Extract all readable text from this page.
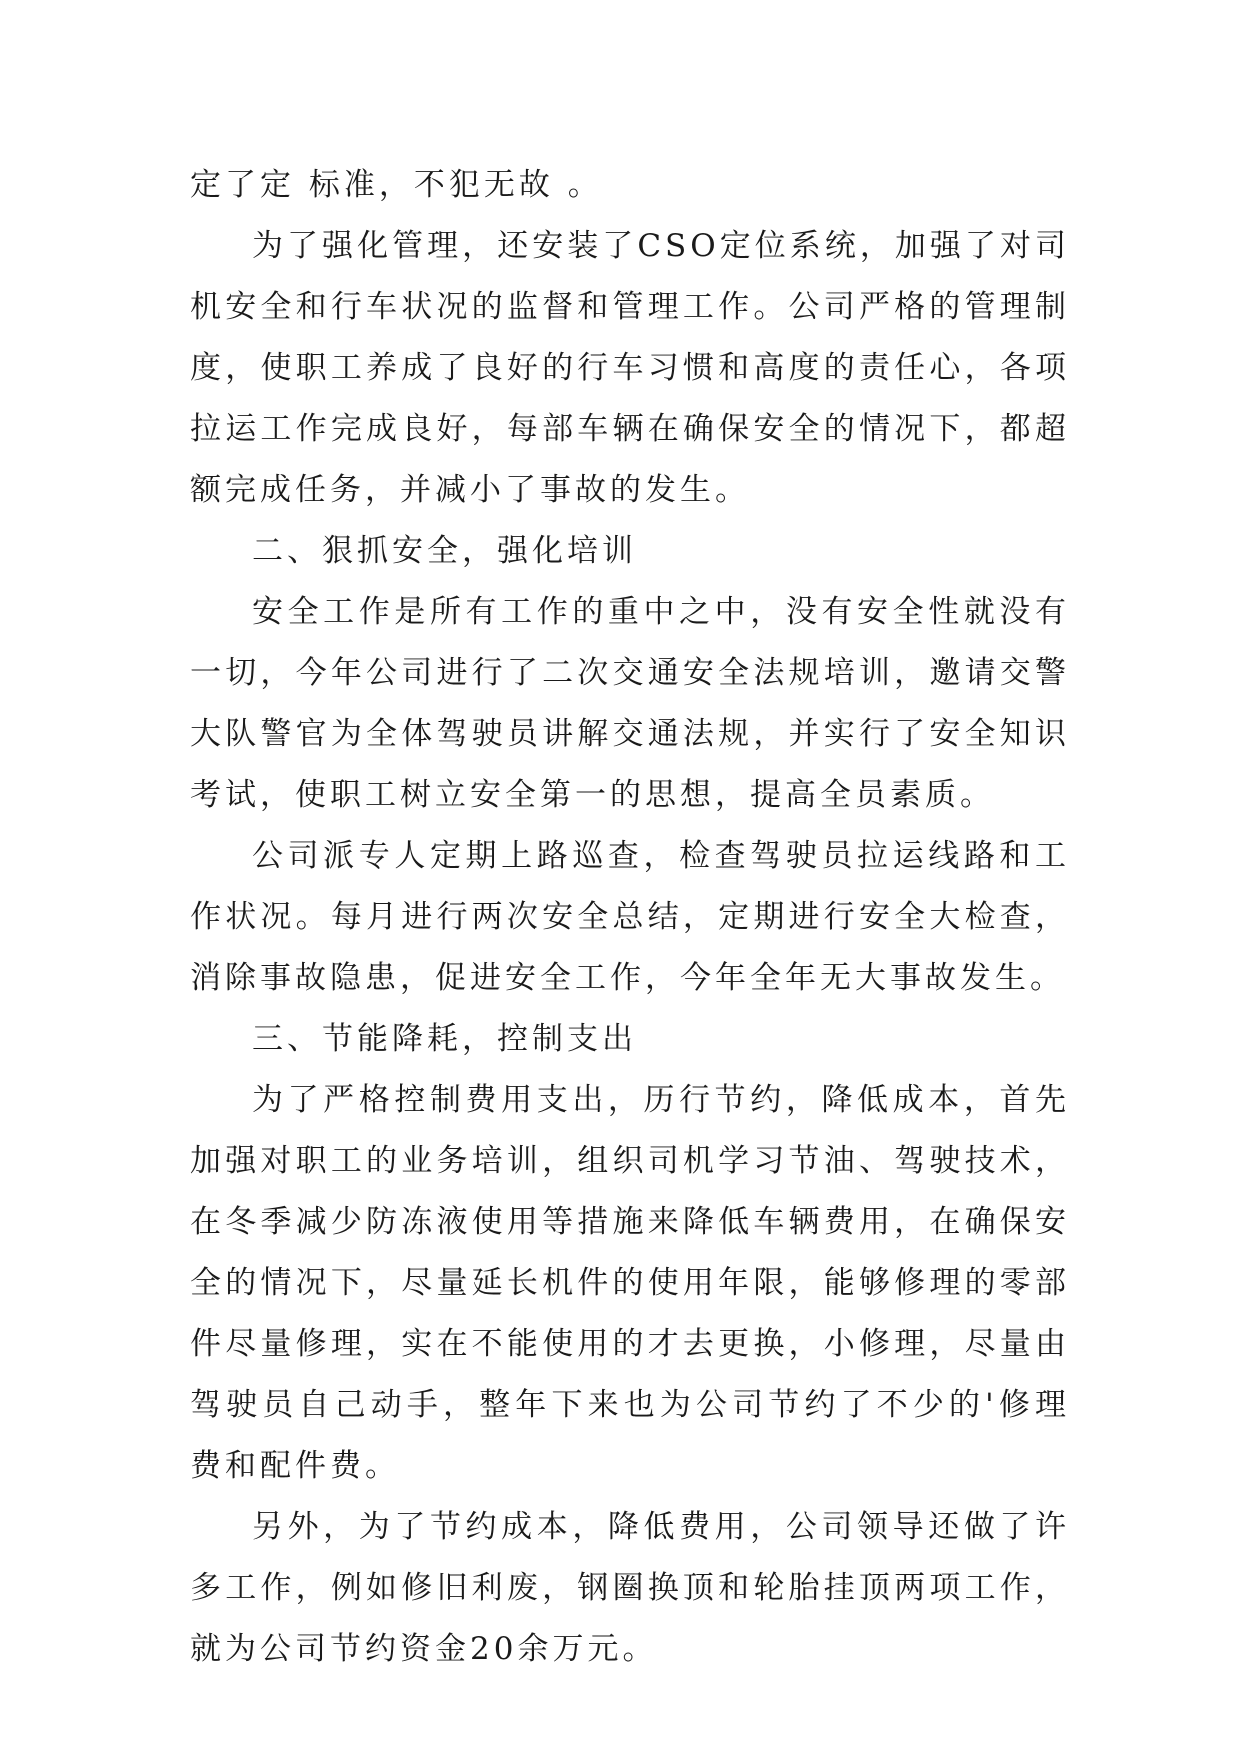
定了定 标准，不犯无故 。

为了强化管理，还安装了CSO定位系统，加强了对司机安全和行车状况的监督和管理工作。公司严格的管理制度，使职工养成了良好的行车习惯和高度的责任心，各项拉运工作完成良好，每部车辆在确保安全的情况下，都超额完成任务，并减小了事故的发生。

二、狠抓安全，强化培训

安全工作是所有工作的重中之中，没有安全性就没有一切，今年公司进行了二次交通安全法规培训，邀请交警大队警官为全体驾驶员讲解交通法规，并实行了安全知识考试，使职工树立安全第一的思想，提高全员素质。

公司派专人定期上路巡查，检查驾驶员拉运线路和工作状况。每月进行两次安全总结，定期进行安全大检查，消除事故隐患，促进安全工作，今年全年无大事故发生。

三、节能降耗，控制支出

为了严格控制费用支出，历行节约，降低成本，首先加强对职工的业务培训，组织司机学习节油、驾驶技术，在冬季减少防冻液使用等措施来降低车辆费用，在确保安全的情况下，尽量延长机件的使用年限，能够修理的零部件尽量修理，实在不能使用的才去更换，小修理，尽量由驾驶员自己动手，整年下来也为公司节约了不少的'修理费和配件费。

另外，为了节约成本，降低费用，公司领导还做了许多工作，例如修旧利废，钢圈换顶和轮胎挂顶两项工作，就为公司节约资金20余万元。
